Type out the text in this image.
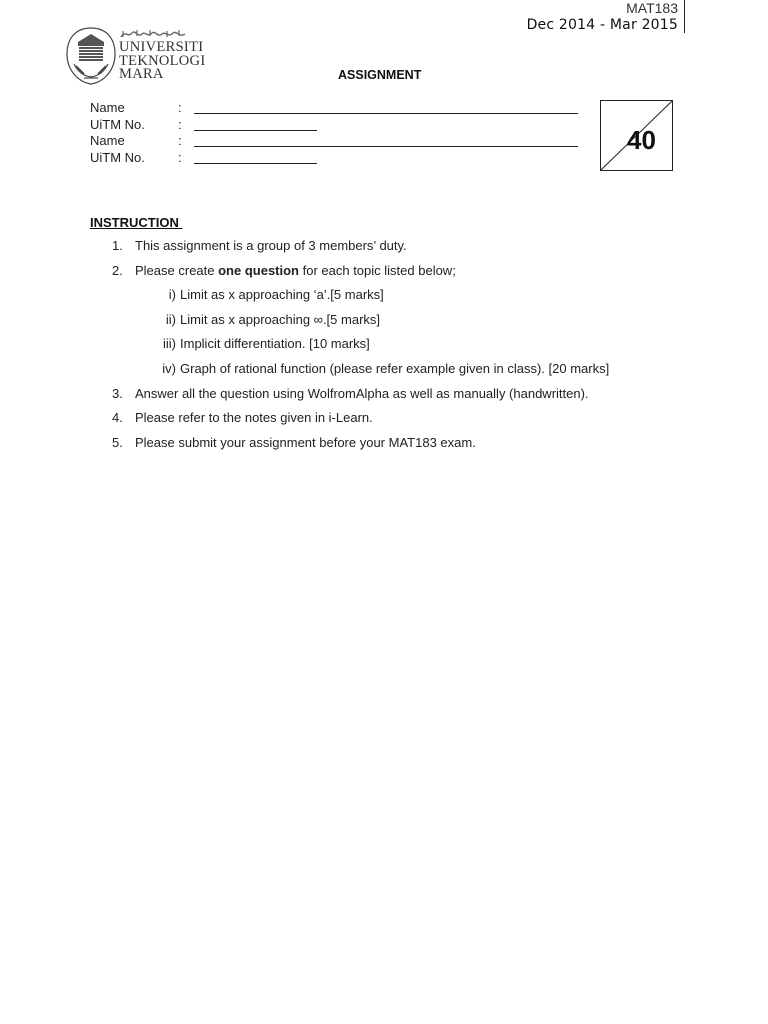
MAT183
Dec 2014 - Mar 2015
UNIVERSITI
TEKNOLOGI
MARA	ASSIGNMENT
Name	:
UiTM No.	:
Name	:
UiTM No.	:
40
INSTRUCTION
1. This assignment is a group of 3 members’ duty.
2. Please create one question for each topic listed below;
i) Limit as x approaching ‘a’.[5 marks]
ii) Limit as x approaching ∞.[5 marks]
iii) Implicit differentiation. [10 marks]
iv) Graph of rational function (please refer example given in class). [20 marks]
3. Answer all the question using WolfromAlpha as well as manually (handwritten).
4. Please refer to the notes given in i-Learn.
5. Please submit your assignment before your MAT183 exam.
